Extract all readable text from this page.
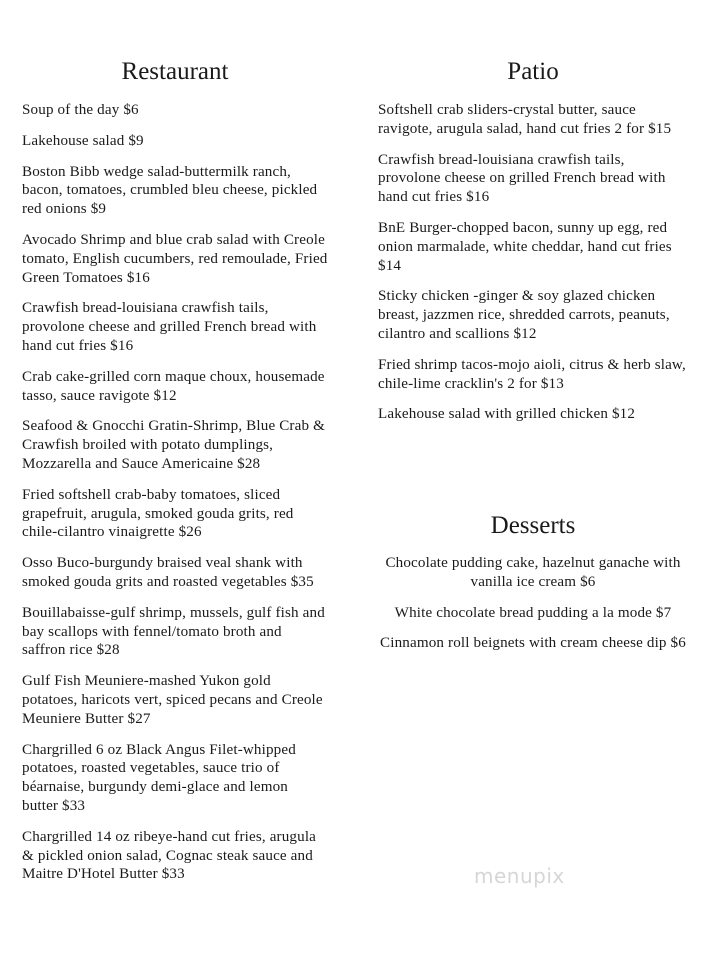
Restaurant

Soup of the day $6

Lakehouse salad $9

Boston Bibb wedge salad-buttermilk ranch, bacon, tomatoes, crumbled bleu cheese, pickled red onions $9

Avocado Shrimp and blue crab salad with Creole tomato, English cucumbers, red remoulade, Fried Green Tomatoes $16

Crawfish bread-louisiana crawfish tails, provolone cheese and grilled French bread with hand cut fries $16

Crab cake-grilled corn maque choux, housemade tasso, sauce ravigote $12

Seafood & Gnocchi Gratin-Shrimp, Blue Crab & Crawfish broiled with potato dumplings, Mozzarella and Sauce Americaine $28

Fried softshell crab-baby tomatoes, sliced grapefruit, arugula, smoked gouda grits, red chile-cilantro vinaigrette $26

Osso Buco-burgundy braised veal shank with smoked gouda grits and roasted vegetables $35

Bouillabaisse-gulf shrimp, mussels, gulf fish and bay scallops with fennel/tomato broth and saffron rice $28

Gulf Fish Meuniere-mashed Yukon gold potatoes, haricots vert, spiced pecans and Creole Meuniere Butter $27

Chargrilled 6 oz Black Angus Filet-whipped potatoes, roasted vegetables, sauce trio of béarnaise, burgundy demi-glace and lemon butter $33

Chargrilled 14 oz ribeye-hand cut fries, arugula & pickled onion salad, Cognac steak sauce and Maitre D'Hotel Butter $33

Patio

Softshell crab sliders-crystal butter, sauce ravigote, arugula salad, hand cut fries 2 for $15

Crawfish bread-louisiana crawfish tails, provolone cheese on grilled French bread with hand cut fries $16

BnE Burger-chopped bacon, sunny up egg, red onion marmalade, white cheddar, hand cut fries $14

Sticky chicken -ginger & soy glazed chicken breast, jazzmen rice, shredded carrots, peanuts, cilantro and scallions $12

Fried shrimp tacos-mojo aioli, citrus & herb slaw, chile-lime cracklin's 2 for $13

Lakehouse salad with grilled chicken $12

Desserts

Chocolate pudding cake, hazelnut ganache with vanilla ice cream $6

White chocolate bread pudding a la mode $7

Cinnamon roll beignets with cream cheese dip $6

menupix
